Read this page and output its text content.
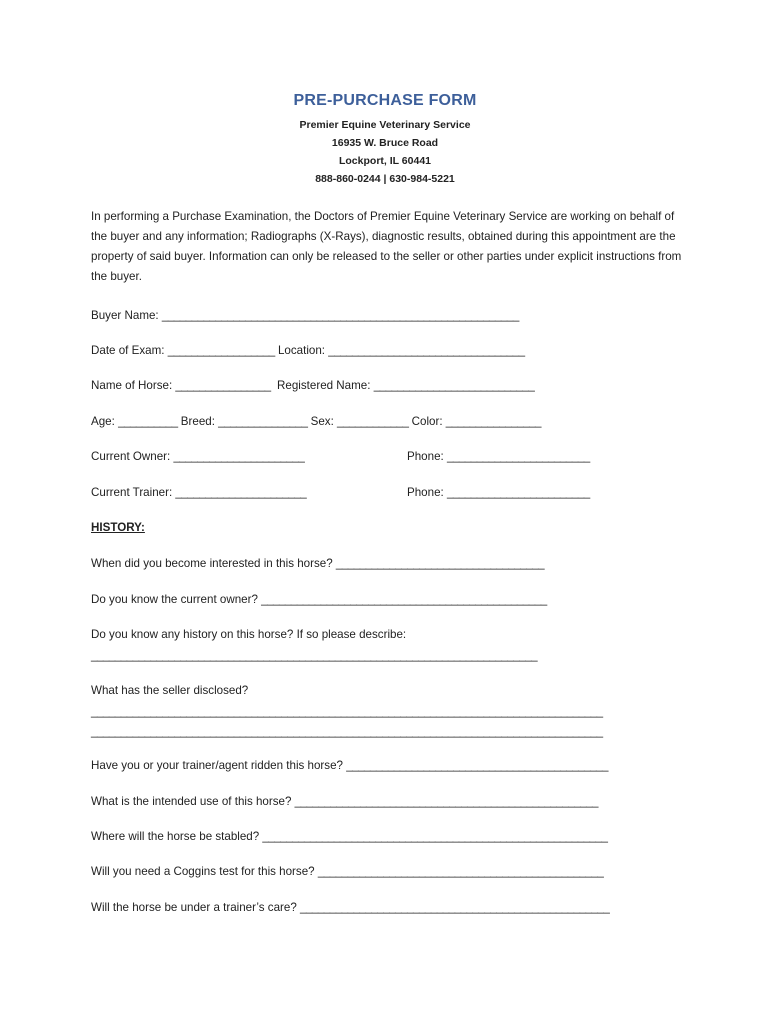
PRE-PURCHASE FORM
Premier Equine Veterinary Service
16935 W. Bruce Road
Lockport, IL 60441
888-860-0244 | 630-984-5221
In performing a Purchase Examination, the Doctors of Premier Equine Veterinary Service are working on behalf of the buyer and any information; Radiographs (X-Rays), diagnostic results, obtained during this appointment are the property of said buyer. Information can only be released to the seller or other parties under explicit instructions from the buyer.
Buyer Name: ____________________________________________________________
Date of Exam: __________________ Location: _________________________________
Name of Horse: ________________  Registered Name: ___________________________
Age: __________ Breed: _______________ Sex: ____________ Color: ________________
Current Owner: ______________________	Phone: ________________________
Current Trainer: ______________________	Phone: ________________________
HISTORY:
When did you become interested in this horse? ___________________________________
Do you know the current owner? ________________________________________________
Do you know any history on this horse? If so please describe:
___________________________________________________________________________
What has the seller disclosed?
______________________________________________________________________________________
______________________________________________________________________________________
Have you or your trainer/agent ridden this horse? ____________________________________________
What is the intended use of this horse? ___________________________________________________
Where will the horse be stabled? __________________________________________________________
Will you need a Coggins test for this horse? ________________________________________________
Will the horse be under a trainer’s care? ____________________________________________________
